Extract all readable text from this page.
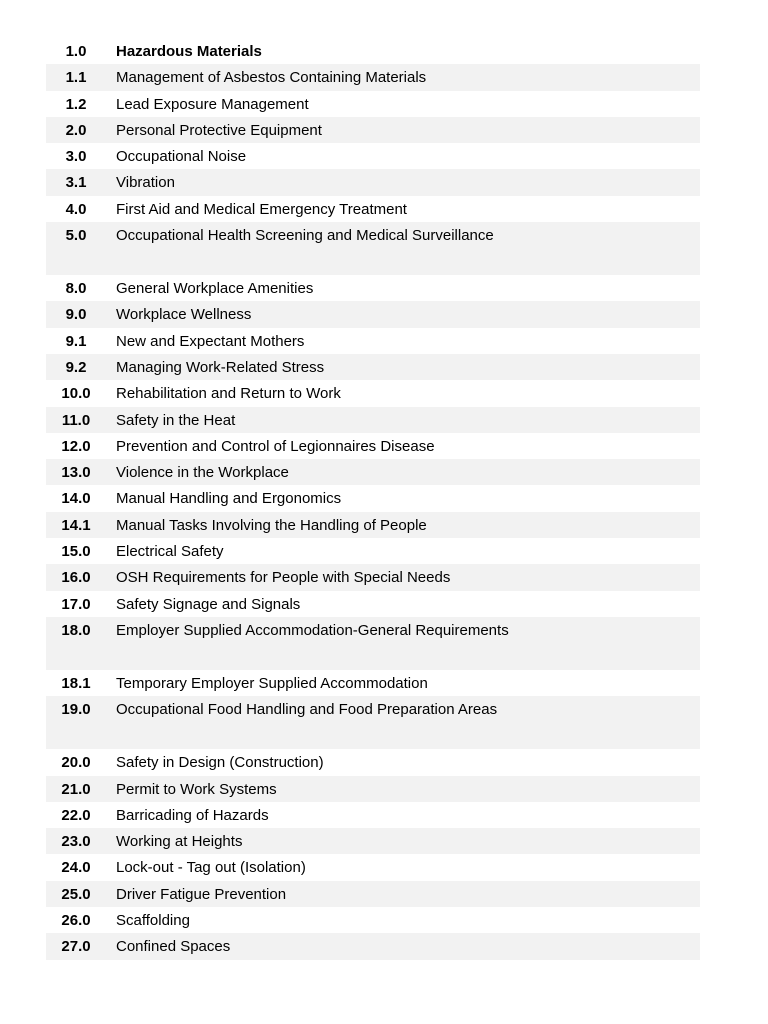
1.0	Hazardous Materials
1.1	Management of Asbestos Containing Materials
1.2	Lead Exposure Management
2.0	Personal Protective Equipment
3.0	Occupational Noise
3.1	Vibration
4.0	First Aid and Medical Emergency Treatment
5.0	Occupational Health Screening and Medical Surveillance
8.0	General Workplace Amenities
9.0	Workplace Wellness
9.1	New and Expectant Mothers
9.2	Managing Work-Related Stress
10.0	Rehabilitation and Return to Work
11.0	Safety in the Heat
12.0	Prevention and Control of Legionnaires Disease
13.0	Violence in the Workplace
14.0	Manual Handling and Ergonomics
14.1	Manual Tasks Involving the Handling of People
15.0	Electrical Safety
16.0	OSH Requirements for People with Special Needs
17.0	Safety Signage and Signals
18.0	Employer Supplied Accommodation-General Requirements
18.1	Temporary Employer Supplied Accommodation
19.0	Occupational Food Handling and Food Preparation Areas
20.0	Safety in Design (Construction)
21.0	Permit to Work Systems
22.0	Barricading of Hazards
23.0	Working at Heights
24.0	Lock-out - Tag out (Isolation)
25.0	Driver Fatigue Prevention
26.0	Scaffolding
27.0	Confined Spaces
